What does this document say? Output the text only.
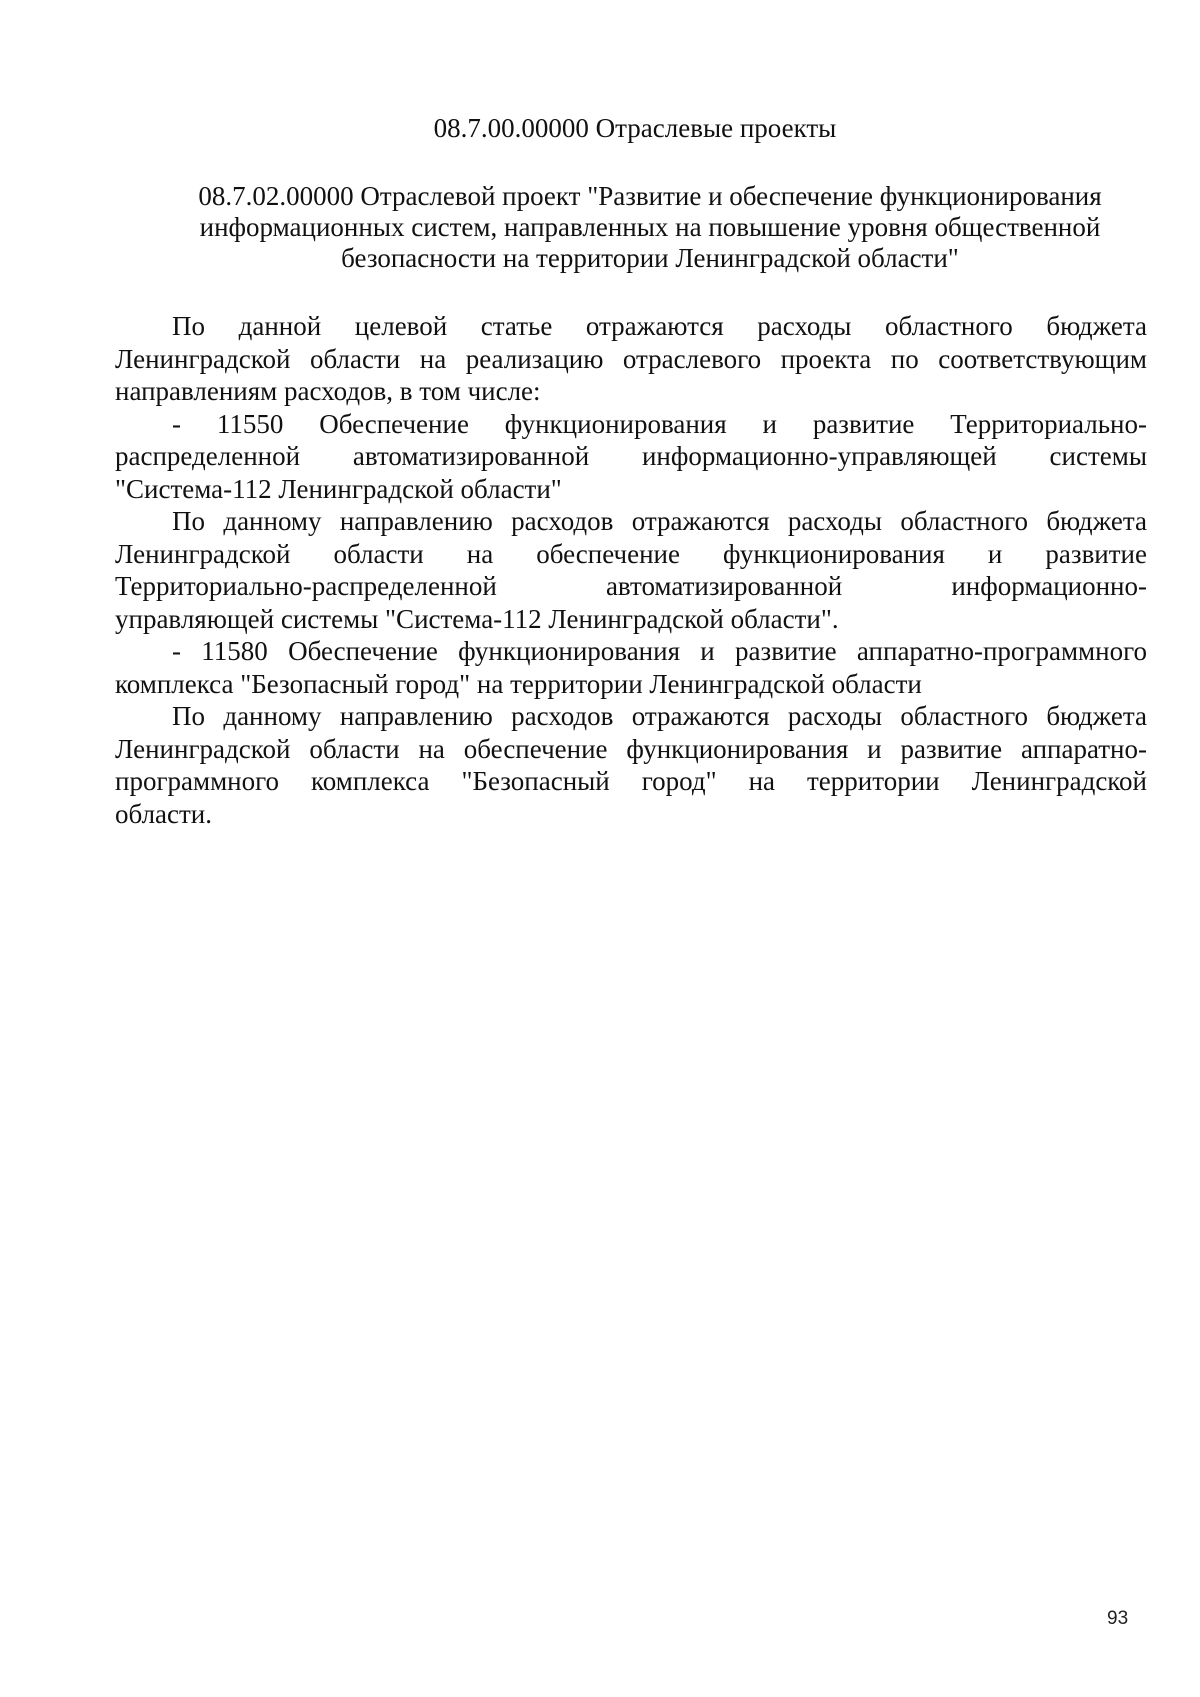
08.7.00.00000 Отраслевые проекты
08.7.02.00000 Отраслевой проект "Развитие и обеспечение функционирования
информационных систем, направленных на повышение уровня общественной
безопасности на территории Ленинградской области"
По данной целевой статье отражаются расходы областного бюджета
Ленинградской области на реализацию отраслевого проекта по соответствующим
направлениям расходов, в том числе:
- 11550 Обеспечение функционирования и развитие Территориально-
распределенной автоматизированной информационно-управляющей системы
"Система-112 Ленинградской области"
По данному направлению расходов отражаются расходы областного бюджета
Ленинградской области на обеспечение функционирования и развитие
Территориально-распределенной автоматизированной информационно-
управляющей системы "Система-112 Ленинградской области".
- 11580 Обеспечение функционирования и развитие аппаратно-программного
комплекса "Безопасный город" на территории Ленинградской области
По данному направлению расходов отражаются расходы областного бюджета
Ленинградской области на обеспечение функционирования и развитие аппаратно-
программного комплекса "Безопасный город" на территории Ленинградской
области.
93
